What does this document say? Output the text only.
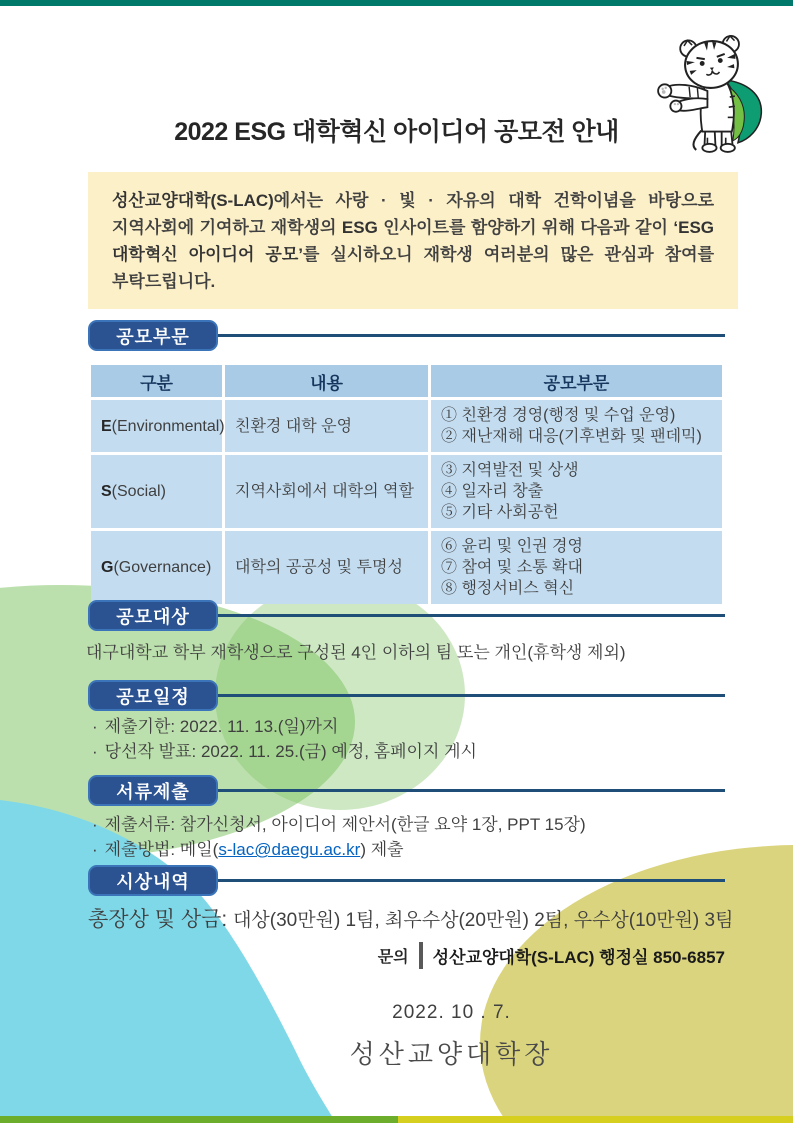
2022 ESG 대학혁신 아이디어 공모전 안내

성산교양대학(S-LAC)에서는 사랑 · 빛 · 자유의 대학 건학이념을 바탕으로 지역사회에 기여하고 재학생의 ESG 인사이트를 함양하기 위해 다음과 같이 ‘ESG 대학혁신 아이디어 공모’를 실시하오니 재학생 여러분의 많은 관심과 참여를 부탁드립니다.

공모부문
구분	내용	공모부문
E(Environmental)	친환경 대학 운영	① 친환경 경영(행정 및 수업 운영)
② 재난재해 대응(기후변화 및 팬데믹)

S(Social)	지역사회에서 대학의 역할	③ 지역발전 및 상생
④ 일자리 창출
⑤ 기타 사회공헌

G(Governance)	대학의 공공성 및 투명성	⑥ 윤리 및 인권 경영
⑦ 참여 및 소통 확대
⑧ 행정서비스 혁신
공모대상
대구대학교 학부 재학생으로 구성된 4인 이하의 팀 또는 개인(휴학생 제외)
공모일정
· 제출기한: 2022. 11. 13.(일)까지
· 당선작 발표: 2022. 11. 25.(금) 예정, 홈페이지 게시
서류제출
· 제출서류: 참가신청서, 아이디어 제안서(한글 요약 1장, PPT 15장)
· 제출방법: 메일(s-lac@daegu.ac.kr) 제출
시상내역
총장상 및 상금: 대상(30만원) 1팀, 최우수상(20만원) 2팀, 우수상(10만원) 3팀
문의 성산교양대학(S-LAC) 행정실 850-6857
2022. 10 . 7.
성산교양대학장
